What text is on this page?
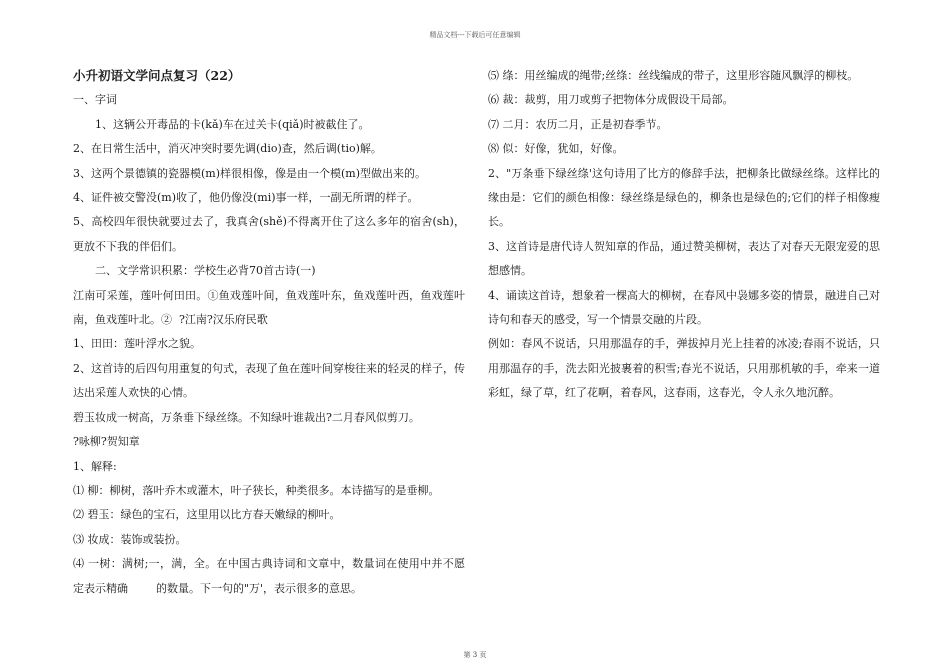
精品文档---下载后可任意编辑

小升初语文学问点复习（22）

一、字词

1、这辆公开毒品的卡(kǎ)车在过关卡(qiǎ)时被截住了。

2、在日常生活中，消灭冲突时要先调(dio)查，然后调(tio)解。

3、这两个景德镇的瓷器模(m)样很相像，像是由一个模(m)型做出来的。

4、证件被交警没(m)收了，他仍像没(mi)事一样，一副无所谓的样子。

5、高校四年很快就要过去了，我真舍(shě)不得离开住了这么多年的宿舍(sh)，更放不下我的伴侣们。

二、文学常识积累：学校生必背70首古诗(一)

江南可采莲，莲叶何田田。①鱼戏莲叶间，鱼戏莲叶东，鱼戏莲叶西，鱼戏莲叶南，鱼戏莲叶北。②  ?江南?汉乐府民歌

1、田田：莲叶浮水之貌。

2、这首诗的后四句用重复的句式，表现了鱼在莲叶间穿梭往来的轻灵的样子，传达出采莲人欢快的心情。

碧玉妆成一树高，万条垂下绿丝绦。不知绿叶谁裁出?二月春风似剪刀。

?咏柳?贺知章

1、解释:

⑴ 柳：柳树，落叶乔木或灌木，叶子狭长，种类很多。本诗描写的是垂柳。

⑵ 碧玉：绿色的宝石，这里用以比方春天嫩绿的柳叶。

⑶ 妆成：装饰或装扮。

⑷ 一树：满树;一，满，全。在中国古典诗词和文章中，数量词在使用中并不愿定表示精确        的数量。下一句的"万'，表示很多的意思。

⑸ 绦：用丝编成的绳带;丝绦：丝线编成的带子，这里形容随风飘浮的柳枝。

⑹ 裁：裁剪，用刀或剪子把物体分成假设干局部。

⑺ 二月：农历二月，正是初春季节。

⑻ 似：好像，犹如，好像。

2、"万条垂下绿丝绦'这句诗用了比方的修辞手法，把柳条比做绿丝绦。这样比的缘由是：它们的颜色相像：绿丝绦是绿色的，柳条也是绿色的;它们的样子相像瘦长。

3、这首诗是唐代诗人贺知章的作品，通过赞美柳树，表达了对春天无限宠爱的思想感情。

4、诵读这首诗，想象着一棵高大的柳树，在春风中袅娜多姿的情景，融进自己对诗句和春天的感受，写一个情景交融的片段。

例如：春风不说话，只用那温存的手，弹拔掉月光上挂着的冰凌;春雨不说话，只用那温存的手，洗去阳光披裹着的积雪;春光不说话，只用那机敏的手，牵来一道彩虹，绿了草，红了花啊，着春风，这春雨，这春光，令人永久地沉醉。

第 3 页
